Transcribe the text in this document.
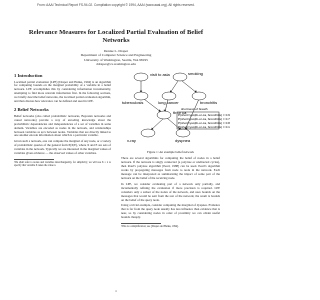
From: AAAI Technical Report FS-94-02. Compilation copyright © 1994, AAAI (www.aaai.org). All rights reserved.
Relevance Measures for Localized Partial Evaluation of Belief
Networks
Denise L. Draper
Department of Computer Science and Engineering
University of Washington, Seattle, WA 98195
ddraper@cs.washington.edu
1 Introduction
Localized partial evaluation (LPE) [Draper and Hanks, 1994] is an algorithm for computing bounds on the marginal probability of a variable in a belief network. LPE accomplishes this by considering information incrementally, attempting to find more relevant information first. In the following sections, we briefly describe belief networks, the localized partial evaluation algorithm, and then discuss how relevance can be defined and used in LPE.
2 Belief Networks
Belief networks (also called probabilistic networks, Bayesian networks and causal networks) provide a way of encoding knowledge about the probabilistic dependencies and independencies of a set of variables in some domain. Variables are encoded as nodes in the network, and relationships between variables as arcs between nodes. Variables that are directly linked to one another encode information about which is a particular variable.
Given such a network, one can compute the marginal of any node, or a variety of probabilistic queries of the general form P(X|E), where X and E are sets of variables in the network. Typically we are interested in the marginal values of variables given evidence — the observed values of other variables.
¹We shall refer to nodes and variables interchangeably, for simplicity; we will use X = x to specify that variable X takes the value x.
visit to asia	smoking
tuberculosis	lung cancer	bronchitis
tb or ca
x-ray	dyspnea
shortness of breath
P(short=yes|tb-or-ca, bronchitis) = 0.9
P(short=yes|tb-or-ca, bronchitis) = 0.7
P(short=yes|tb-or-ca, bronchitis) = 0.8
P(short=yes|tb-or-ca, bronchitis) = 0.1
Figure 1: An example belief network
There are several algorithms for computing the belief of nodes in a belief network. If the network is singly connected (a polytree or undirected cycles), then Pearl's polytree algorithm [Pearl, 1988] can be used. Pearl's algorithm works by propagating messages from node to node in the network. Each message can be interpreted as summarizing the impact of some part of the network on the belief of the receiving node.
In LPE, we consider evaluating part of a network only partially, and incrementally refining the evaluation if more precision is required. LPE considers only a subset of the nodes of the network, and uses bounds on the messages that would be sent from the rest of the network; the result is bounds on the belief of the query node.
Using a trivial example, consider computing the marginal of dyspnea. Evidence that is far from the query node usually has less influence than evidence that is near, so by considering nodes in order of proximity we can obtain useful bounds cheaply.
²This is a simplification; see [Draper and Hanks, 1994].
1
